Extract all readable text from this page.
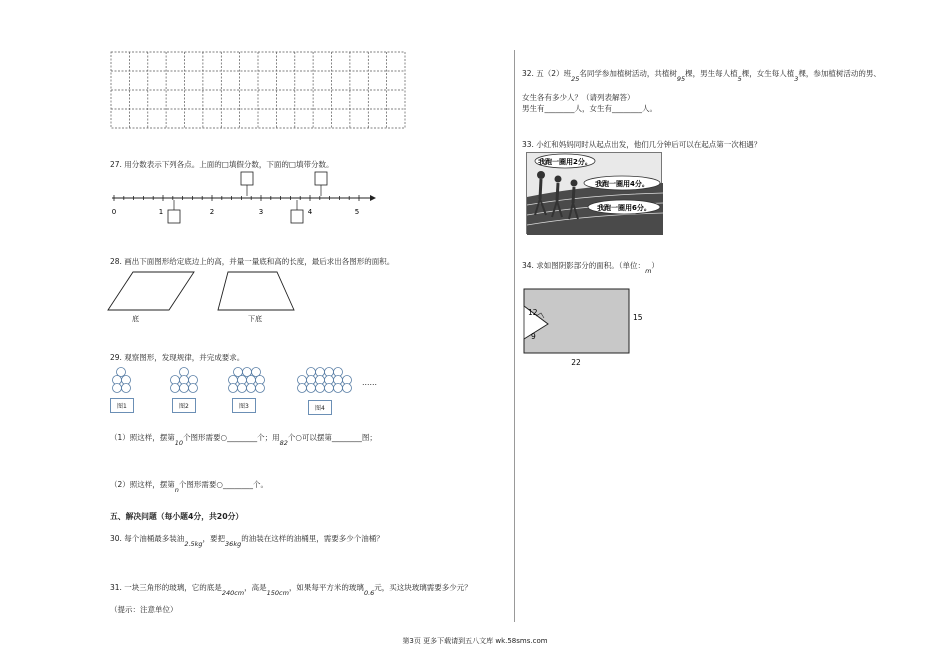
27. 用分数表示下列各点。上面的□填假分数，下面的□填带分数。
0	1	2	3	4	5
28. 画出下面图形给定底边上的高，并量一量底和高的长度，最后求出各图形的面积。
底	下底
29. 观察图形，发现规律，并完成要求。
……
图1	图2	图3	图4
（1）照这样，摆第10个图形需要○________个；用82个○可以摆第________图；
（2）照这样，摆第n个图形需要○________个。
五、解决问题（每小题4分，共20分）
30. 每个油桶最多装油2.5kg，要把36kg的油装在这样的油桶里，需要多少个油桶？
31. 一块三角形的玻璃，它的底是240cm，高是150cm，如果每平方米的玻璃0.6元，买这块玻璃需要多少元？
（提示：注意单位）
32. 五（2）班25名同学参加植树活动，共植树95棵，男生每人植5棵，女生每人植3棵，参加植树活动的男、
女生各有多少人？（请列表解答）
男生有________人，女生有________人。
33. 小红和妈妈同时从起点出发，他们几分钟后可以在起点第一次相遇？
我跑一圈用2分。
我跑一圈用4分。
我跑一圈用6分。
34. 求如图阴影部分的面积。（单位：m）
12
9
15
22
第3页 更多下载请到五八文库 wk.58sms.com
